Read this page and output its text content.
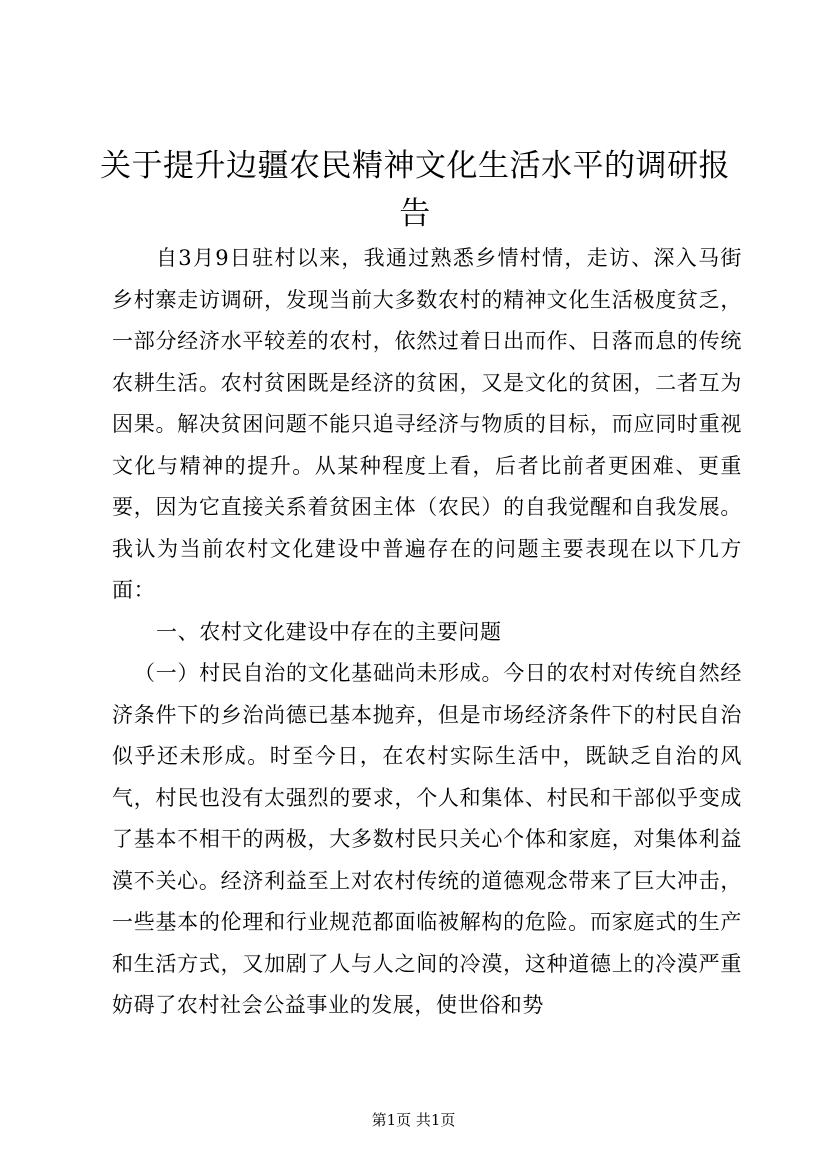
关于提升边疆农民精神文化生活水平的调研报告

自3月9日驻村以来，我通过熟悉乡情村情，走访、深入马街乡村寨走访调研，发现当前大多数农村的精神文化生活极度贫乏，一部分经济水平较差的农村，依然过着日出而作、日落而息的传统农耕生活。农村贫困既是经济的贫困，又是文化的贫困，二者互为因果。解决贫困问题不能只追寻经济与物质的目标，而应同时重视文化与精神的提升。从某种程度上看，后者比前者更困难、更重要，因为它直接关系着贫困主体（农民）的自我觉醒和自我发展。我认为当前农村文化建设中普遍存在的问题主要表现在以下几方面：

一、农村文化建设中存在的主要问题

（一）村民自治的文化基础尚未形成。今日的农村对传统自然经济条件下的乡治尚德已基本抛弃，但是市场经济条件下的村民自治似乎还未形成。时至今日，在农村实际生活中，既缺乏自治的风气，村民也没有太强烈的要求，个人和集体、村民和干部似乎变成了基本不相干的两极，大多数村民只关心个体和家庭，对集体利益漠不关心。经济利益至上对农村传统的道德观念带来了巨大冲击，一些基本的伦理和行业规范都面临被解构的危险。而家庭式的生产和生活方式，又加剧了人与人之间的冷漠，这种道德上的冷漠严重妨碍了农村社会公益事业的发展，使世俗和势

第1页 共1页
